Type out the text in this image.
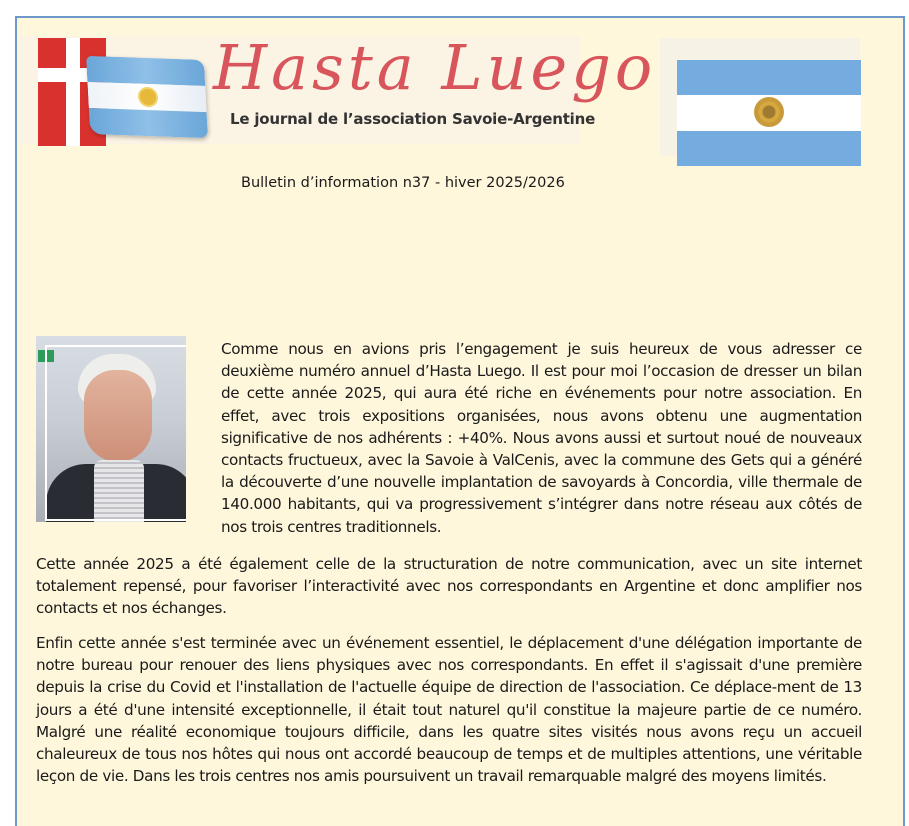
Hasta Luego
Le journal de l’association Savoie-Argentine
Bulletin d’information n37 - hiver 2025/2026

Comme nous en avions pris l’engagement je suis heureux de vous adresser ce deuxième numéro annuel d’Hasta Luego. Il est pour moi l’occasion de dresser un bilan de cette année 2025, qui aura été riche en événements pour notre association. En effet, avec trois expositions organisées, nous avons obtenu une augmentation significative de nos adhérents : +40%. Nous avons aussi et surtout noué de nouveaux contacts fructueux, avec la Savoie à ValCenis, avec la commune des Gets qui a généré la découverte d’une nouvelle implantation de savoyards à Concordia, ville thermale de 140.000 habitants, qui va progressivement s’intégrer dans notre réseau aux côtés de nos trois centres traditionnels.

Cette année 2025 a été également celle de la structuration de notre communication, avec un site internet totalement repensé, pour favoriser l’interactivité avec nos correspondants en Argentine et donc amplifier nos contacts et nos échanges.

Enfin cette année s'est terminée avec un événement essentiel, le déplacement d'une délégation importante de notre bureau pour renouer des liens physiques avec nos correspondants. En effet il s'agissait d'une première depuis la crise du Covid et l'installation de l'actuelle équipe de direction de l'association. Ce déplace-ment de 13 jours a été d'une intensité exceptionnelle, il était tout naturel qu'il constitue la majeure partie de ce numéro. Malgré une réalité economique toujours difficile, dans les quatre sites visités nous avons reçu un accueil chaleureux de tous nos hôtes qui nous ont accordé beaucoup de temps et de multiples attentions, une véritable leçon de vie. Dans les trois centres nos amis poursuivent un travail remarquable malgré des moyens limités.
